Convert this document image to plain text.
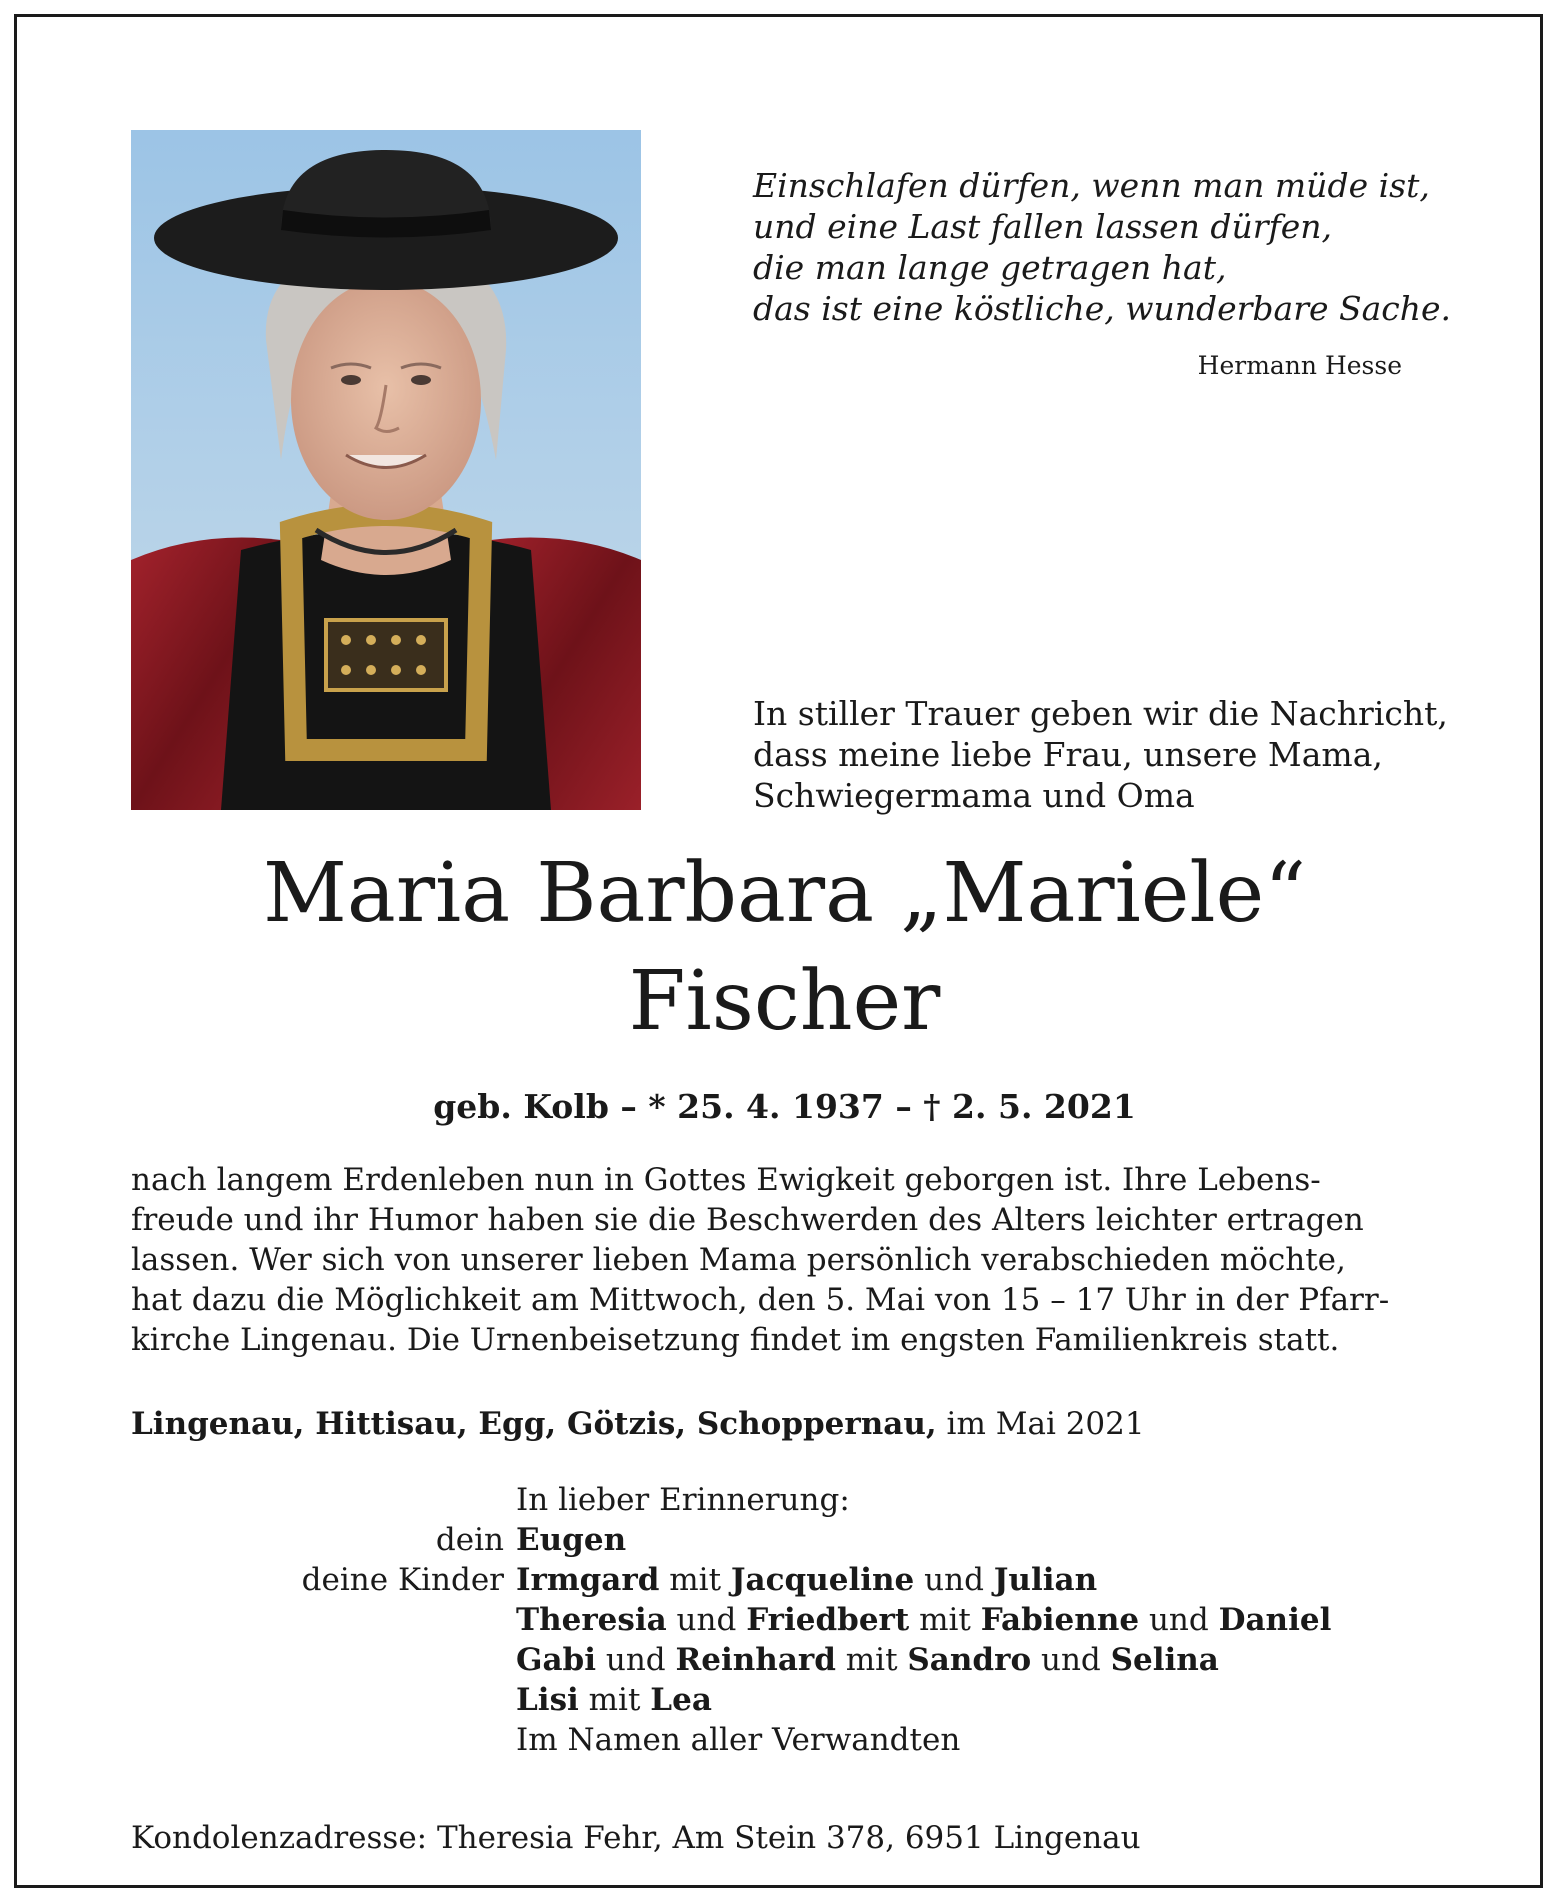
Einschlafen dürfen, wenn man müde ist,
und eine Last fallen lassen dürfen,
die man lange getragen hat,
das ist eine köstliche, wunderbare Sache.
Hermann Hesse
In stiller Trauer geben wir die Nachricht,
dass meine liebe Frau, unsere Mama,
Schwiegermama und Oma
Maria Barbara „Mariele“
Fischer
geb. Kolb – * 25. 4. 1937 – † 2. 5. 2021
nach langem Erdenleben nun in Gottes Ewigkeit geborgen ist. Ihre Lebens-
freude und ihr Humor haben sie die Beschwerden des Alters leichter ertragen
lassen. Wer sich von unserer lieben Mama persönlich verabschieden möchte,
hat dazu die Möglichkeit am Mittwoch, den 5. Mai von 15 – 17 Uhr in der Pfarr-
kirche Lingenau. Die Urnenbeisetzung findet im engsten Familienkreis statt.
Lingenau, Hittisau, Egg, Götzis, Schoppernau, im Mai 2021
In lieber Erinnerung:
dein Eugen
deine Kinder Irmgard mit Jacqueline und Julian
Theresia und Friedbert mit Fabienne und Daniel
Gabi und Reinhard mit Sandro und Selina
Lisi mit Lea
Im Namen aller Verwandten
Kondolenzadresse: Theresia Fehr, Am Stein 378, 6951 Lingenau
